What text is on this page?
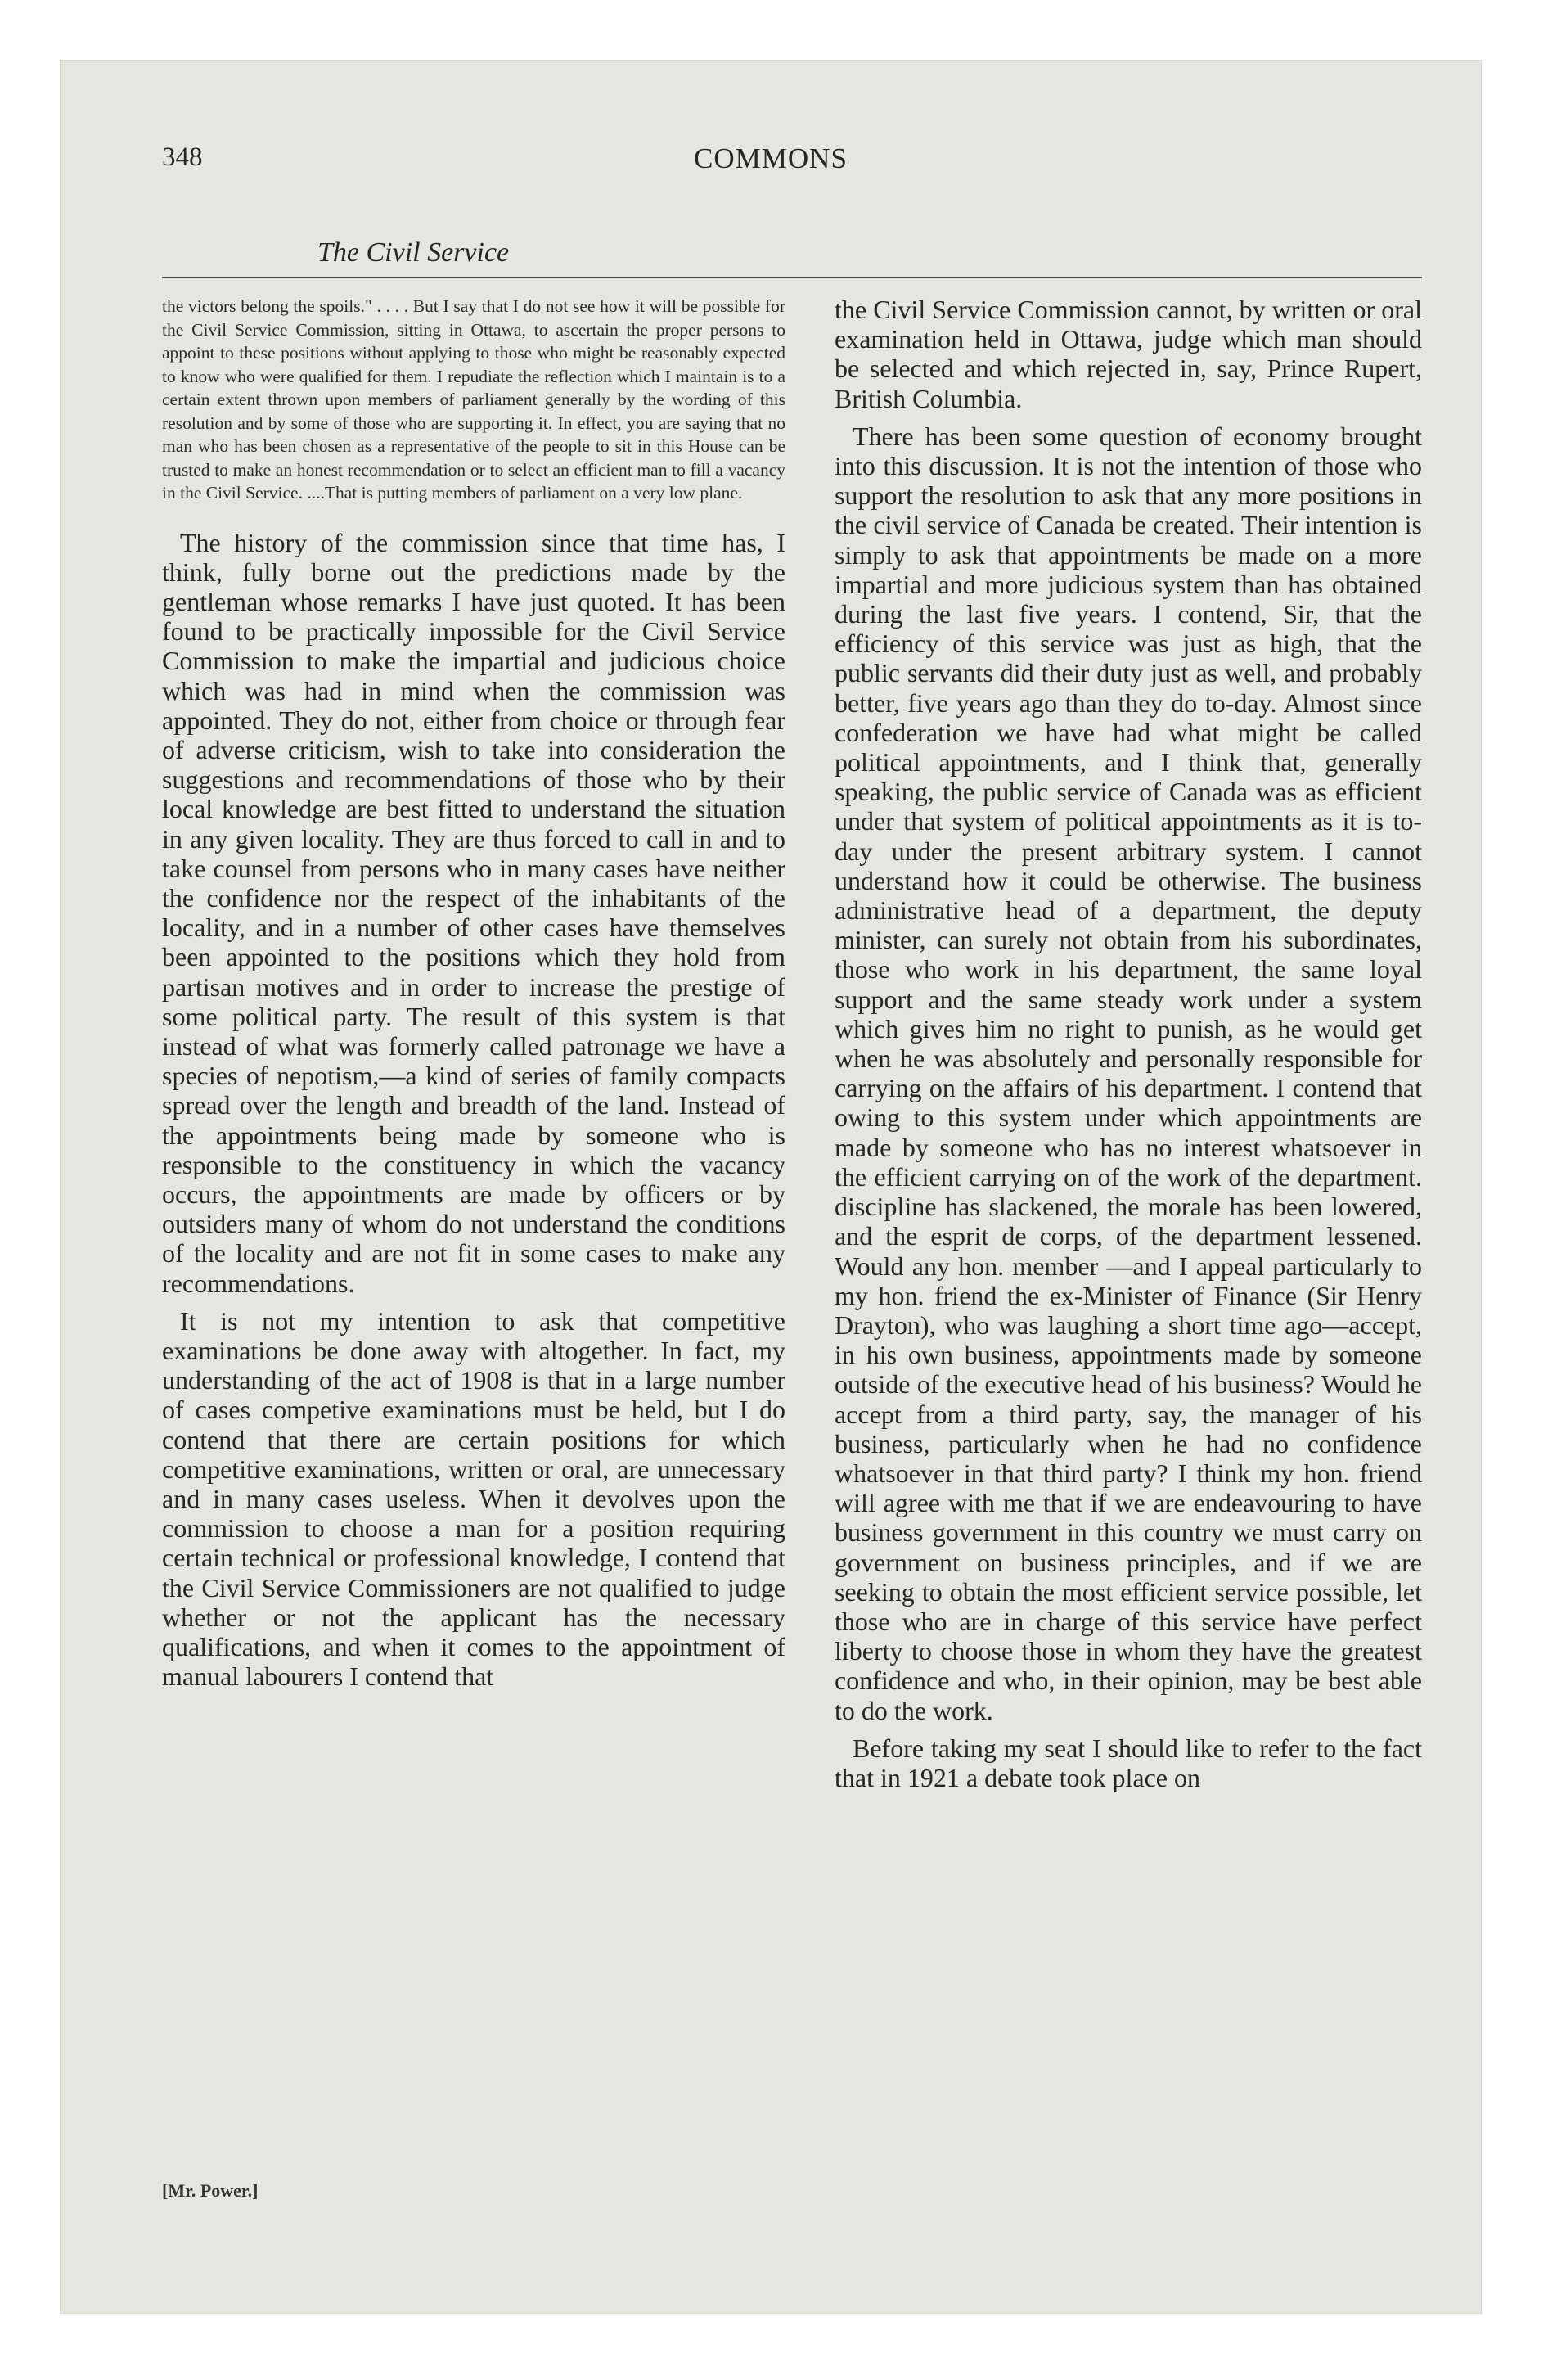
348	COMMONS
The Civil Service

the victors belong the spoils." . . . . But I say that I do not see how it will be possible for the Civil Service Commission, sitting in Ottawa, to ascertain the proper persons to appoint to these positions without applying to those who might be reasonably expected to know who were qualified for them. I repudiate the reflection which I maintain is to a certain extent thrown upon members of parliament generally by the wording of this resolution and by some of those who are supporting it. In effect, you are saying that no man who has been chosen as a representative of the people to sit in this House can be trusted to make an honest recommendation or to select an efficient man to fill a vacancy in the Civil Service. ....That is putting members of parliament on a very low plane.

The history of the commission since that time has, I think, fully borne out the predictions made by the gentleman whose remarks I have just quoted. It has been found to be practically impossible for the Civil Service Commission to make the impartial and judicious choice which was had in mind when the commission was appointed. They do not, either from choice or through fear of adverse criticism, wish to take into consideration the suggestions and recommendations of those who by their local knowledge are best fitted to understand the situation in any given locality. They are thus forced to call in and to take counsel from persons who in many cases have neither the confidence nor the respect of the inhabitants of the locality, and in a number of other cases have themselves been appointed to the positions which they hold from partisan motives and in order to increase the prestige of some political party. The result of this system is that instead of what was formerly called patronage we have a species of nepotism,—a kind of series of family compacts spread over the length and breadth of the land. Instead of the appointments being made by someone who is responsible to the constituency in which the vacancy occurs, the appointments are made by officers or by outsiders many of whom do not understand the conditions of the locality and are not fit in some cases to make any recommendations.

It is not my intention to ask that competitive examinations be done away with altogether. In fact, my understanding of the act of 1908 is that in a large number of cases competive examinations must be held, but I do contend that there are certain positions for which competitive examinations, written or oral, are unnecessary and in many cases useless. When it devolves upon the commission to choose a man for a position requiring certain technical or professional knowledge, I contend that the Civil Service Commissioners are not qualified to judge whether or not the applicant has the necessary qualifications, and when it comes to the appointment of manual labourers I contend that

[Mr. Power.]

the Civil Service Commission cannot, by written or oral examination held in Ottawa, judge which man should be selected and which rejected in, say, Prince Rupert, British Columbia.

There has been some question of economy brought into this discussion. It is not the intention of those who support the resolution to ask that any more positions in the civil service of Canada be created. Their intention is simply to ask that appointments be made on a more impartial and more judicious system than has obtained during the last five years. I contend, Sir, that the efficiency of this service was just as high, that the public servants did their duty just as well, and probably better, five years ago than they do to-day. Almost since confederation we have had what might be called political appointments, and I think that, generally speaking, the public service of Canada was as efficient under that system of political appointments as it is to-day under the present arbitrary system. I cannot understand how it could be otherwise. The business administrative head of a department, the deputy minister, can surely not obtain from his subordinates, those who work in his department, the same loyal support and the same steady work under a system which gives him no right to punish, as he would get when he was absolutely and personally responsible for carrying on the affairs of his department. I contend that owing to this system under which appointments are made by someone who has no interest whatsoever in the efficient carrying on of the work of the department. discipline has slackened, the morale has been lowered, and the esprit de corps, of the department lessened. Would any hon. member —and I appeal particularly to my hon. friend the ex-Minister of Finance (Sir Henry Drayton), who was laughing a short time ago—accept, in his own business, appointments made by someone outside of the executive head of his business? Would he accept from a third party, say, the manager of his business, particularly when he had no confidence whatsoever in that third party? I think my hon. friend will agree with me that if we are endeavouring to have business government in this country we must carry on government on business principles, and if we are seeking to obtain the most efficient service possible, let those who are in charge of this service have perfect liberty to choose those in whom they have the greatest confidence and who, in their opinion, may be best able to do the work.

Before taking my seat I should like to refer to the fact that in 1921 a debate took place on
